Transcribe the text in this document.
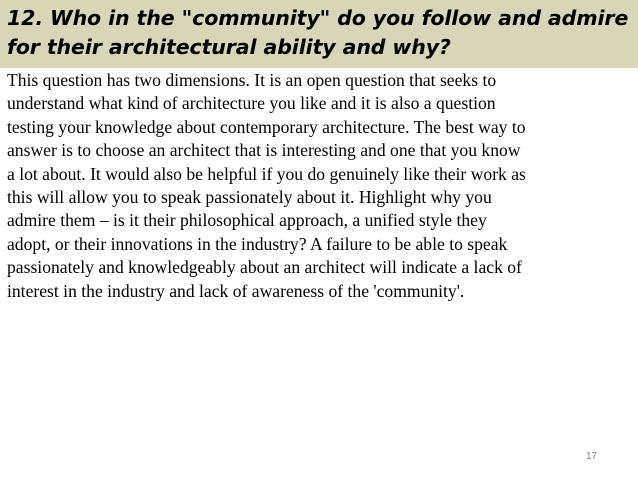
12. Who in the "community" do you follow and admire for their architectural ability and why?

This question has two dimensions. It is an open question that seeks to
understand what kind of architecture you like and it is also a question
testing your knowledge about contemporary architecture. The best way to
answer is to choose an architect that is interesting and one that you know
a lot about. It would also be helpful if you do genuinely like their work as
this will allow you to speak passionately about it. Highlight why you
admire them – is it their philosophical approach, a unified style they
adopt, or their innovations in the industry? A failure to be able to speak
passionately and knowledgeably about an architect will indicate a lack of
interest in the industry and lack of awareness of the 'community'.

17
